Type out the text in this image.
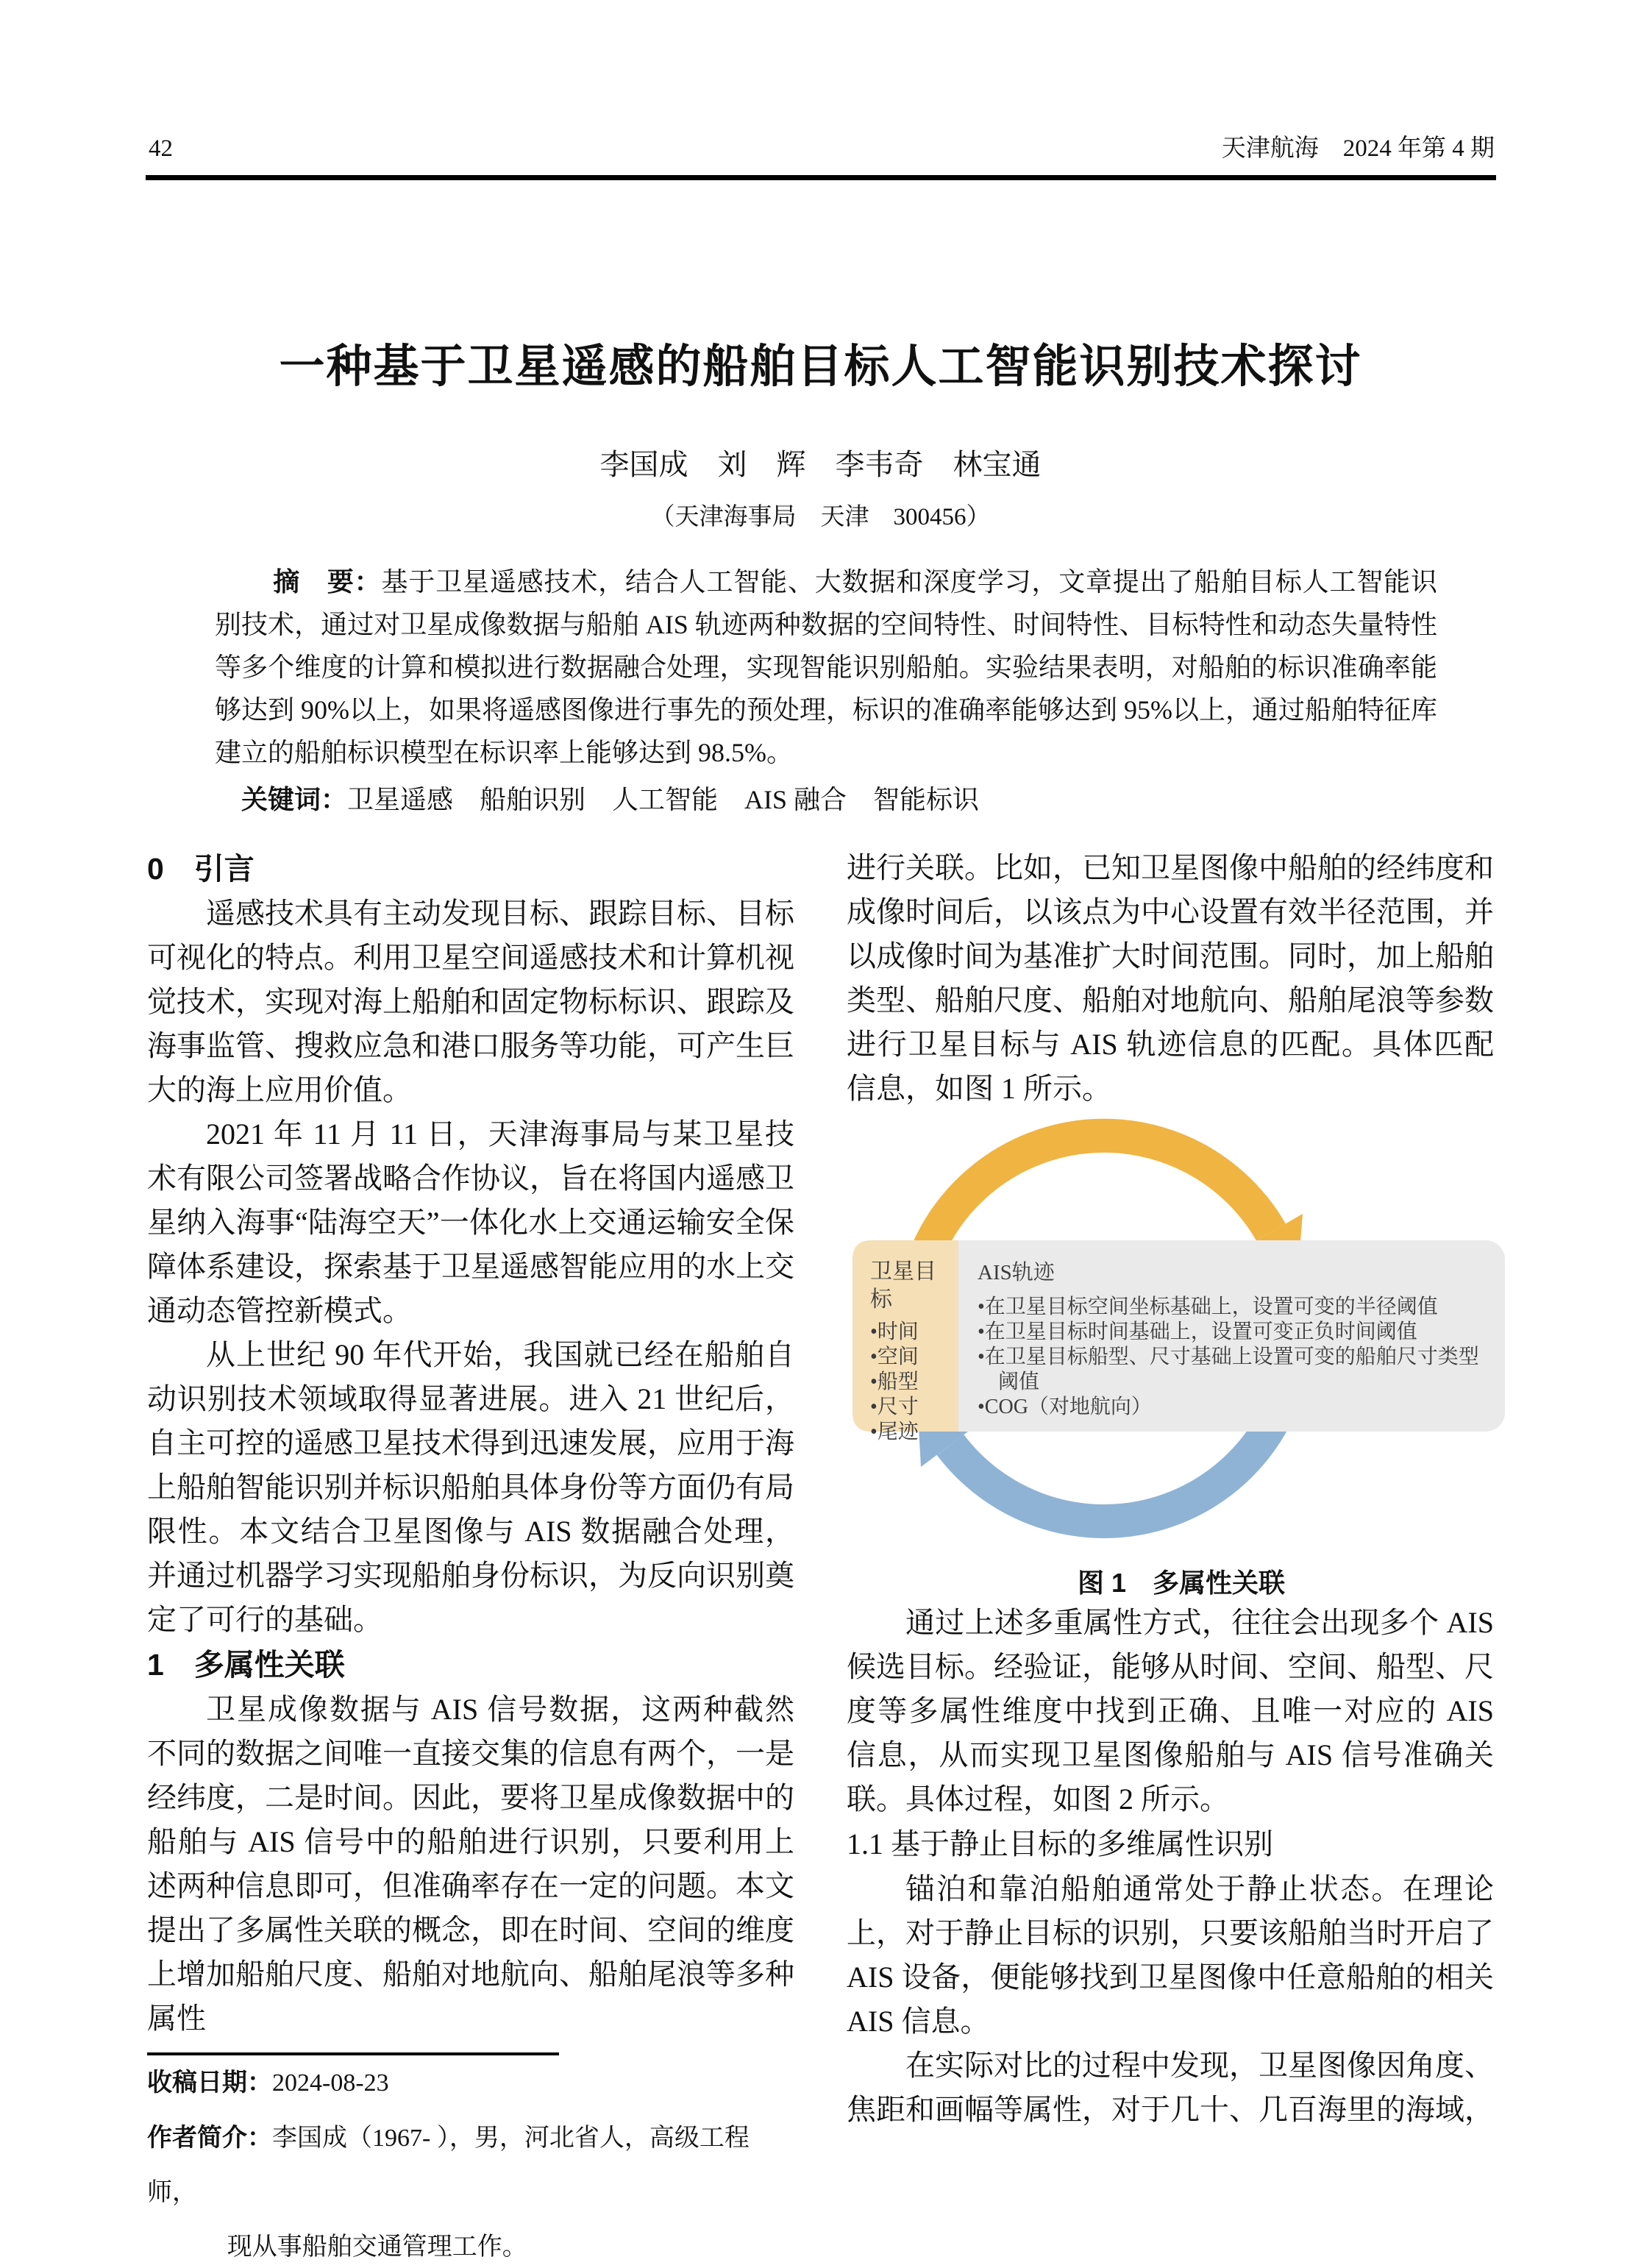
42	天津航海　2024 年第 4 期
一种基于卫星遥感的船舶目标人工智能识别技术探讨
李国成　刘　辉　李韦奇　林宝通
（天津海事局　天津　300456）
摘　要：基于卫星遥感技术，结合人工智能、大数据和深度学习，文章提出了船舶目标人工智能识别技术，通过对卫星成像数据与船舶 AIS 轨迹两种数据的空间特性、时间特性、目标特性和动态失量特性等多个维度的计算和模拟进行数据融合处理，实现智能识别船舶。实验结果表明，对船舶的标识准确率能够达到 90%以上，如果将遥感图像进行事先的预处理，标识的准确率能够达到 95%以上，通过船舶特征库建立的船舶标识模型在标识率上能够达到 98.5%。
关键词：卫星遥感　船舶识别　人工智能　AIS 融合　智能标识
0　引言

遥感技术具有主动发现目标、跟踪目标、目标可视化的特点。利用卫星空间遥感技术和计算机视觉技术，实现对海上船舶和固定物标标识、跟踪及海事监管、搜救应急和港口服务等功能，可产生巨大的海上应用价值。

2021 年 11 月 11 日，天津海事局与某卫星技术有限公司签署战略合作协议，旨在将国内遥感卫星纳入海事“陆海空天”一体化水上交通运输安全保障体系建设，探索基于卫星遥感智能应用的水上交通动态管控新模式。

从上世纪 90 年代开始，我国就已经在船舶自动识别技术领域取得显著进展。进入 21 世纪后，自主可控的遥感卫星技术得到迅速发展，应用于海上船舶智能识别并标识船舶具体身份等方面仍有局限性。本文结合卫星图像与 AIS 数据融合处理，并通过机器学习实现船舶身份标识，为反向识别奠定了可行的基础。

1　多属性关联

卫星成像数据与 AIS 信号数据，这两种截然不同的数据之间唯一直接交集的信息有两个，一是经纬度，二是时间。因此，要将卫星成像数据中的船舶与 AIS 信号中的船舶进行识别，只要利用上述两种信息即可，但准确率存在一定的问题。本文提出了多属性关联的概念，即在时间、空间的维度上增加船舶尺度、船舶对地航向、船舶尾浪等多种属性

收稿日期：2024-08-23
作者简介：李国成（1967- ），男，河北省人，高级工程师，
现从事船舶交通管理工作。

进行关联。比如，已知卫星图像中船舶的经纬度和成像时间后，以该点为中心设置有效半径范围，并以成像时间为基准扩大时间范围。同时，加上船舶类型、船舶尺度、船舶对地航向、船舶尾浪等参数进行卫星目标与 AIS 轨迹信息的匹配。具体匹配信息，如图 1 所示。

卫星目标
•时间
•空间
•船型
•尺寸
•尾迹
AIS轨迹
•在卫星目标空间坐标基础上，设置可变的半径阈值
•在卫星目标时间基础上，设置可变正负时间阈值
•在卫星目标船型、尺寸基础上设置可变的船舶尺寸类型阈值
•COG（对地航向）
图 1　多属性关联

通过上述多重属性方式，往往会出现多个 AIS 候选目标。经验证，能够从时间、空间、船型、尺度等多属性维度中找到正确、且唯一对应的 AIS 信息，从而实现卫星图像船舶与 AIS 信号准确关联。具体过程，如图 2 所示。

1.1 基于静止目标的多维属性识别

锚泊和靠泊船舶通常处于静止状态。在理论上，对于静止目标的识别，只要该船舶当时开启了 AIS 设备，便能够找到卫星图像中任意船舶的相关 AIS 信息。

在实际对比的过程中发现，卫星图像因角度、焦距和画幅等属性，对于几十、几百海里的海域，
